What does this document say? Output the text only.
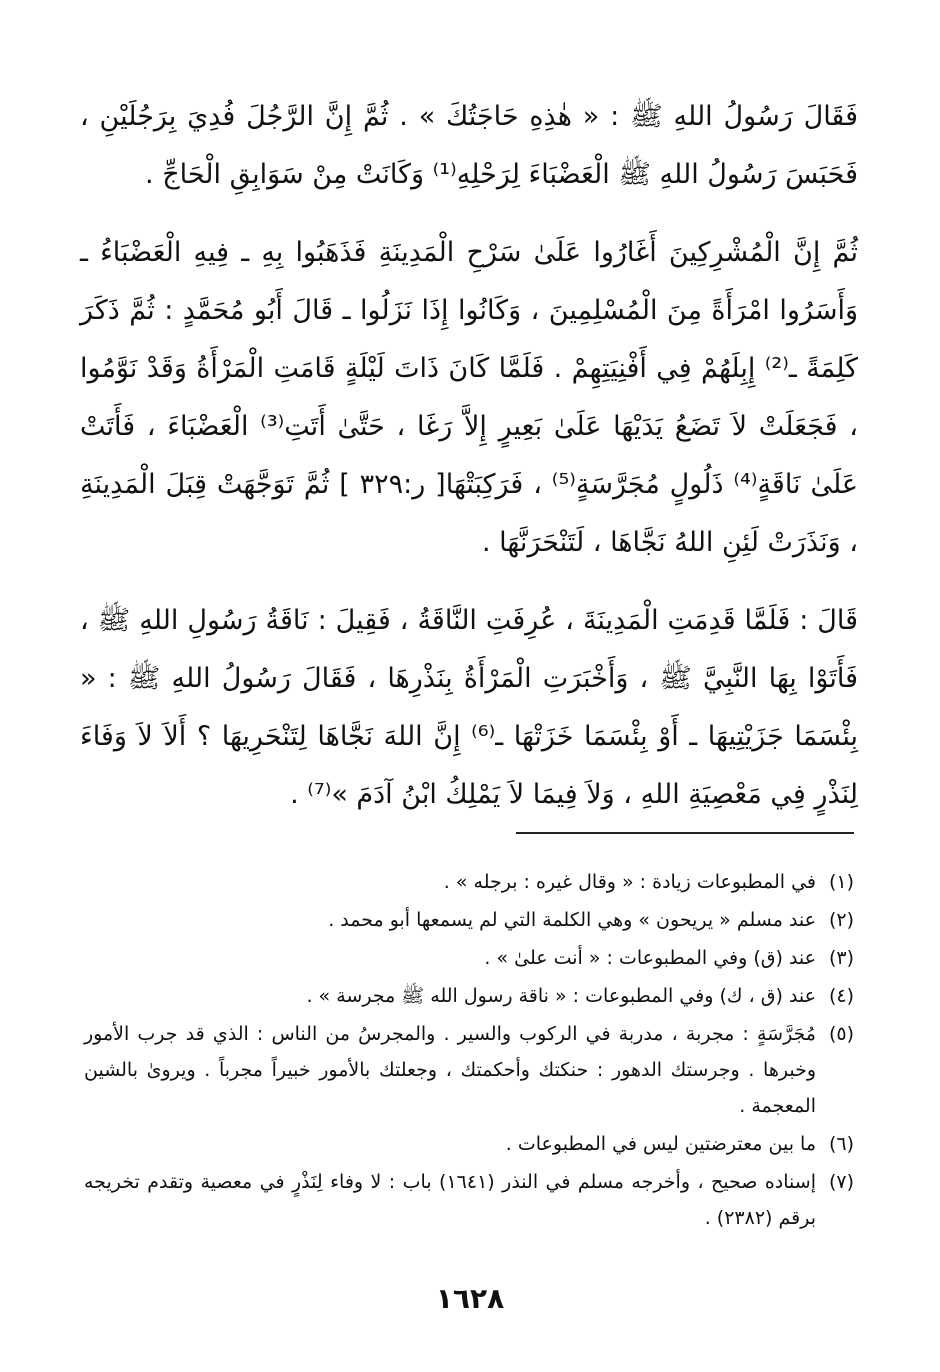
فَقَالَ رَسُولُ اللهِ ﷺ : « هٰذِهِ حَاجَتُكَ » . ثُمَّ إِنَّ الرَّجُلَ فُدِيَ بِرَجُلَيْنِ ، فَحَبَسَ رَسُولُ اللهِ ﷺ الْعَضْبَاءَ لِرَحْلِهِ⁽¹⁾ وَكَانَتْ مِنْ سَوَابِقِ الْحَاجِّ .

ثُمَّ إِنَّ الْمُشْرِكِينَ أَغَارُوا عَلَىٰ سَرْحِ الْمَدِينَةِ فَذَهَبُوا بِهِ ـ فِيهِ الْعَضْبَاءُ ـ وَأَسَرُوا امْرَأَةً مِنَ الْمُسْلِمِينَ ، وَكَانُوا إِذَا نَزَلُوا ـ قَالَ أَبُو مُحَمَّدٍ : ثُمَّ ذَكَرَ كَلِمَةً ـ⁽²⁾ إِبِلَهُمْ فِي أَفْنِيَتِهِمْ . فَلَمَّا كَانَ ذَاتَ لَيْلَةٍ قَامَتِ الْمَرْأَةُ وَقَدْ نَوَّمُوا ، فَجَعَلَتْ لاَ تَضَعُ يَدَيْهَا عَلَىٰ بَعِيرٍ إِلاَّ رَغَا ، حَتَّىٰ أَتَتِ⁽³⁾ الْعَضْبَاءَ ، فَأَتَتْ عَلَىٰ نَاقَةٍ⁽⁴⁾ ذَلُولٍ مُجَرَّسَةٍ⁽⁵⁾ ، فَرَكِبَتْهَا[ ر:٣٢٩ ] ثُمَّ تَوَجَّهَتْ قِبَلَ الْمَدِينَةِ ، وَنَذَرَتْ لَئِنِ اللهُ نَجَّاهَا ، لَتَنْحَرَنَّهَا .

قَالَ : فَلَمَّا قَدِمَتِ الْمَدِينَةَ ، عُرِفَتِ النَّاقَةُ ، فَقِيلَ : نَاقَةُ رَسُولِ اللهِ ﷺ ، فَأَتَوْا بِهَا النَّبِيَّ ﷺ ، وَأَخْبَرَتِ الْمَرْأَةُ بِنَذْرِهَا ، فَقَالَ رَسُولُ اللهِ ﷺ : « بِئْسَمَا جَزَيْتِيهَا ـ أَوْ بِئْسَمَا خَزَتْهَا ـ⁽⁶⁾ إِنَّ اللهَ نَجَّاهَا لِتَنْحَرِيهَا ؟ أَلاَ لاَ وَفَاءَ لِنَذْرٍ فِي مَعْصِيَةِ اللهِ ، وَلاَ فِيمَا لاَ يَمْلِكُ ابْنُ آدَمَ »⁽⁷⁾ .

(١)
في المطبوعات زيادة : « وقال غيره : برجله » .
(٢)
عند مسلم « يريحون » وهي الكلمة التي لم يسمعها أبو محمد .
(٣)
عند (ق) وفي المطبوعات : « أنت علىٰ » .
(٤)
عند (ق ، ك) وفي المطبوعات : « ناقة رسول الله ﷺ مجرسة » .
(٥)
مُجَرَّسَةٍ : مجربة ، مدربة في الركوب والسير . والمجرسُ من الناس : الذي قد جرب الأمور وخبرها . وجرستك الدهور : حنكتك وأحكمتك ، وجعلتك بالأمور خبيراً مجرباً . ويروىٰ بالشين المعجمة .
(٦)
ما بين معترضتين ليس في المطبوعات .
(٧)
إسناده صحيح ، وأخرجه مسلم في النذر (١٦٤١) باب : لا وفاء لِنَذْرٍ في معصية وتقدم تخريجه برقم (٢٣٨٢) .
١٦٢٨
